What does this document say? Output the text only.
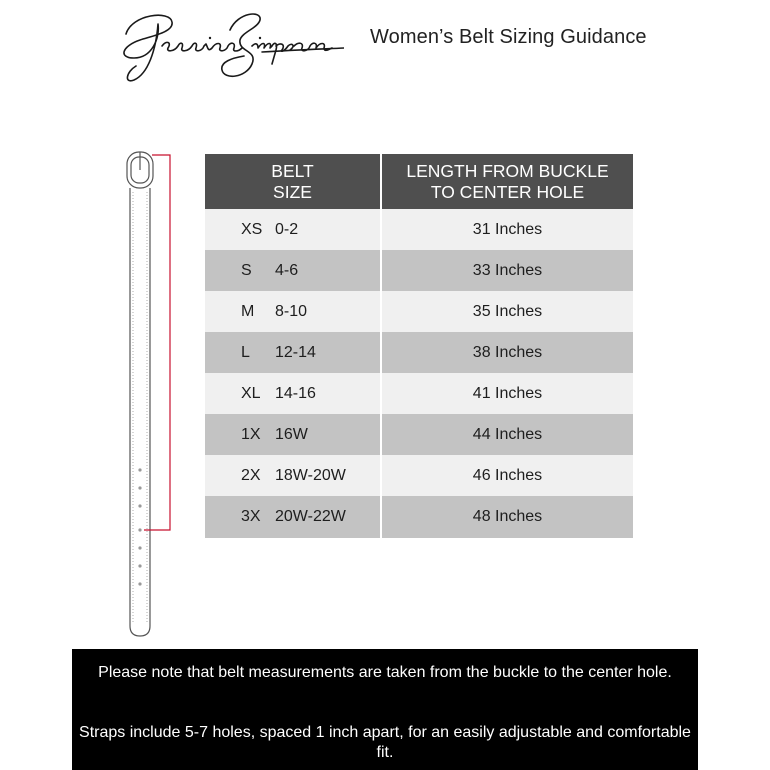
Women’s Belt Sizing Guidance
BELT
SIZE	LENGTH FROM BUCKLE
TO CENTER HOLE
XS 0-2	31 Inches
S 4-6	33 Inches
M 8-10	35 Inches
L 12-14	38 Inches
XL 14-16	41 Inches
1X 16W	44 Inches
2X 18W-20W	46 Inches
3X 20W-22W	48 Inches

Please note that belt measurements are taken from the buckle to the center hole.

Straps include 5-7 holes, spaced 1 inch apart, for an easily adjustable and comfortable fit.
